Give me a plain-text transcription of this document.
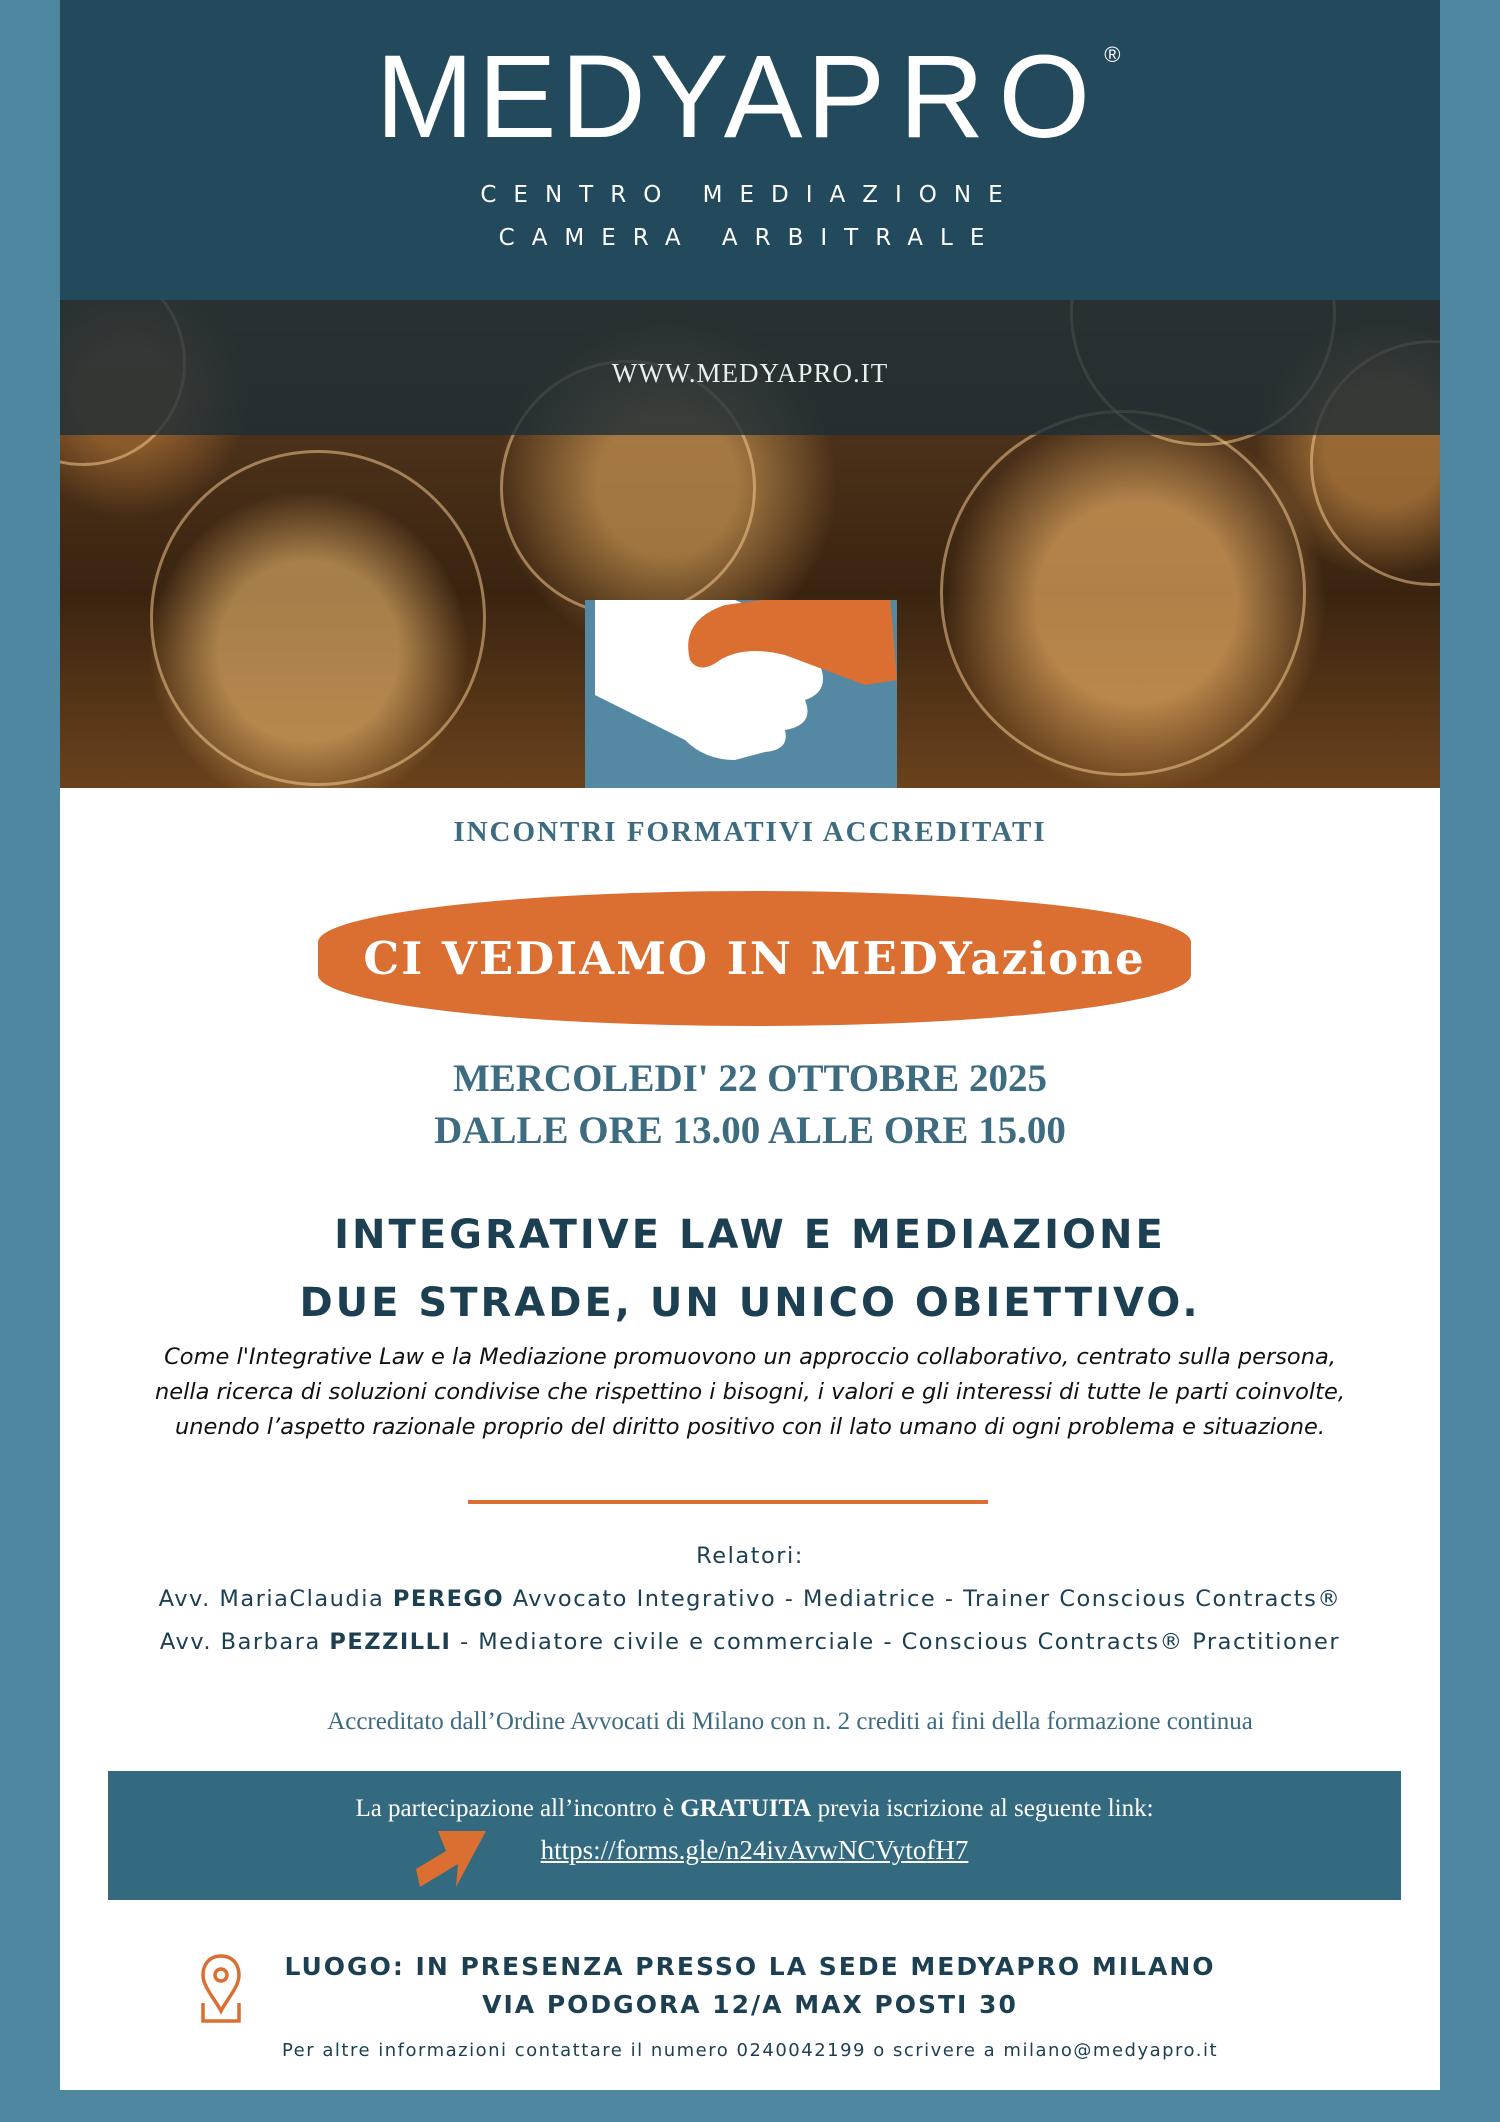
MEDYAPRO®
CENTRO MEDIAZIONE
CAMERA ARBITRALE
WWW.MEDYAPRO.IT
INCONTRI FORMATIVI ACCREDITATI
CI VEDIAMO IN MEDYazione
MERCOLEDI' 22 OTTOBRE 2025
DALLE ORE 13.00 ALLE ORE 15.00
INTEGRATIVE LAW E MEDIAZIONE
DUE STRADE, UN UNICO OBIETTIVO.
Come l'Integrative Law e la Mediazione promuovono un approccio collaborativo, centrato sulla persona,
nella ricerca di soluzioni condivise che rispettino i bisogni, i valori e gli interessi di tutte le parti coinvolte,
unendo l’aspetto razionale proprio del diritto positivo con il lato umano di ogni problema e situazione.
Relatori:
Avv. MariaClaudia PEREGO Avvocato Integrativo - Mediatrice - Trainer Conscious Contracts®
Avv. Barbara PEZZILLI - Mediatore civile e commerciale - Conscious Contracts® Practitioner
Accreditato dall’Ordine Avvocati di Milano con n. 2 crediti ai fini della formazione continua
La partecipazione all’incontro è GRATUITA previa iscrizione al seguente link:
https://forms.gle/n24ivAvwNCVytofH7
LUOGO: IN PRESENZA PRESSO LA SEDE MEDYAPRO MILANO
VIA PODGORA 12/A MAX POSTI 30
Per altre informazioni contattare il numero 0240042199 o scrivere a milano@medyapro.it
